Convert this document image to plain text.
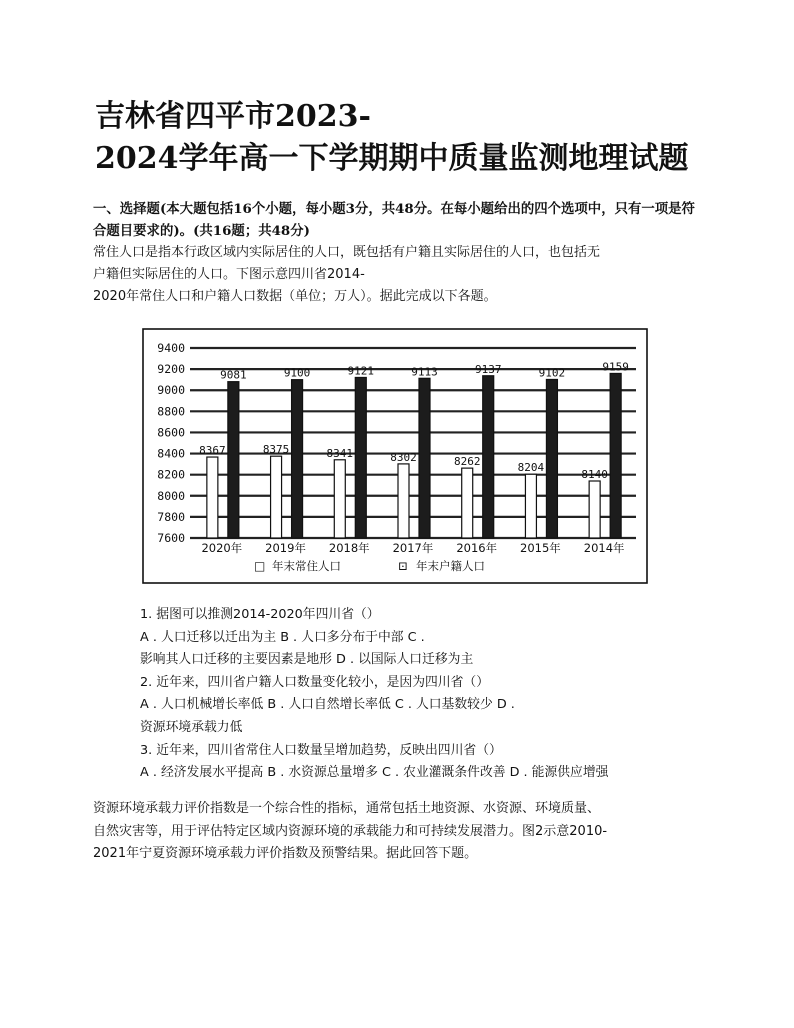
吉林省四平市2023-
2024学年高一下学期期中质量监测地理试题

一、选择题(本大题包括16个小题，每小题3分，共48分。在每小题给出的四个选项中，只有一项是符合题目要求的)。(共16题；共48分)

常住人口是指本行政区域内实际居住的人口，既包括有户籍且实际居住的人口，也包括无
户籍但实际居住的人口。下图示意四川省2014-
2020年常住人口和户籍人口数据（单位；万人）。据此完成以下各题。

9400
9200
9000
8800
8600
8400
8200
8000
7800
7600
8367
9081
8375
9100
8341
9121
8302
9113
8262
9137
8204
9102
8140
9159
2020年 2019年 2018年 2017年 2016年 2015年 2014年
□ 年末常住人口	⊡ 年末户籍人口

1. 据图可以推测2014-2020年四川省（）
A . 人口迁移以迁出为主 B . 人口多分布于中部 C .
影响其人口迁移的主要因素是地形 D . 以国际人口迁移为主
2. 近年来，四川省户籍人口数量变化较小，是因为四川省（）
A . 人口机械增长率低 B . 人口自然增长率低 C . 人口基数较少 D .
资源环境承载力低
3. 近年来，四川省常住人口数量呈增加趋势，反映出四川省（）
A . 经济发展水平提高 B . 水资源总量增多 C . 农业灌溉条件改善 D . 能源供应增强

资源环境承载力评价指数是一个综合性的指标，通常包括土地资源、水资源、环境质量、
自然灾害等，用于评估特定区域内资源环境的承载能力和可持续发展潜力。图2示意2010-
2021年宁夏资源环境承载力评价指数及预警结果。据此回答下题。
